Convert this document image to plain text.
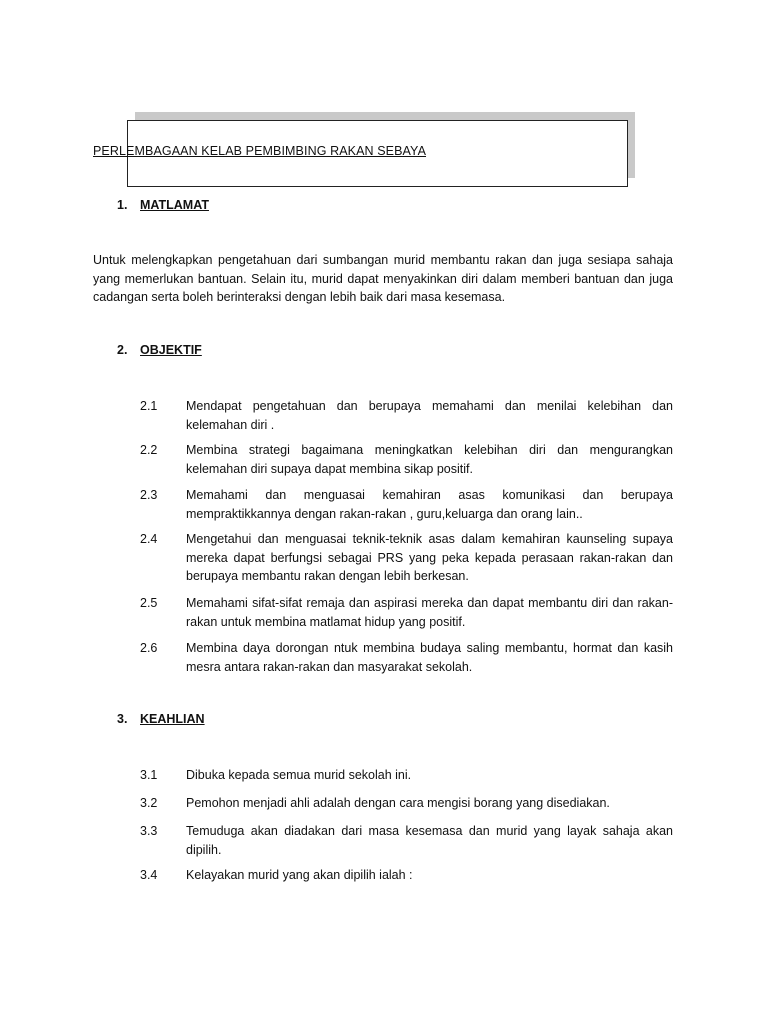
PERLEMBAGAAN KELAB PEMBIMBING RAKAN SEBAYA
1. MATLAMAT
Untuk melengkapkan pengetahuan dari sumbangan murid membantu rakan dan juga sesiapa sahaja yang memerlukan bantuan. Selain itu, murid dapat menyakinkan diri dalam memberi bantuan dan juga cadangan serta boleh berinteraksi dengan lebih baik dari masa kesemasa.
2. OBJEKTIF
2.1	Mendapat pengetahuan dan berupaya memahami dan menilai kelebihan dan kelemahan diri .
2.2	Membina strategi bagaimana meningkatkan kelebihan diri dan mengurangkan kelemahan diri supaya dapat membina sikap positif.
2.3	Memahami dan menguasai kemahiran asas komunikasi dan berupaya mempraktikkannya dengan rakan-rakan , guru,keluarga dan orang lain..
2.4	Mengetahui dan menguasai teknik-teknik asas dalam kemahiran kaunseling supaya mereka dapat berfungsi sebagai PRS yang peka kepada perasaan rakan-rakan dan berupaya membantu rakan dengan lebih berkesan.
2.5	Memahami sifat-sifat remaja dan aspirasi mereka dan dapat membantu diri dan rakan-rakan untuk membina matlamat hidup yang positif.
2.6	Membina daya dorongan ntuk membina budaya saling membantu, hormat dan kasih mesra antara rakan-rakan dan masyarakat sekolah.
3. KEAHLIAN
3.1	Dibuka kepada semua murid sekolah ini.
3.2	Pemohon menjadi ahli adalah dengan cara mengisi borang yang disediakan.
3.3	Temuduga akan diadakan dari masa kesemasa dan murid yang layak sahaja akan dipilih.
3.4	Kelayakan murid yang akan dipilih ialah :
